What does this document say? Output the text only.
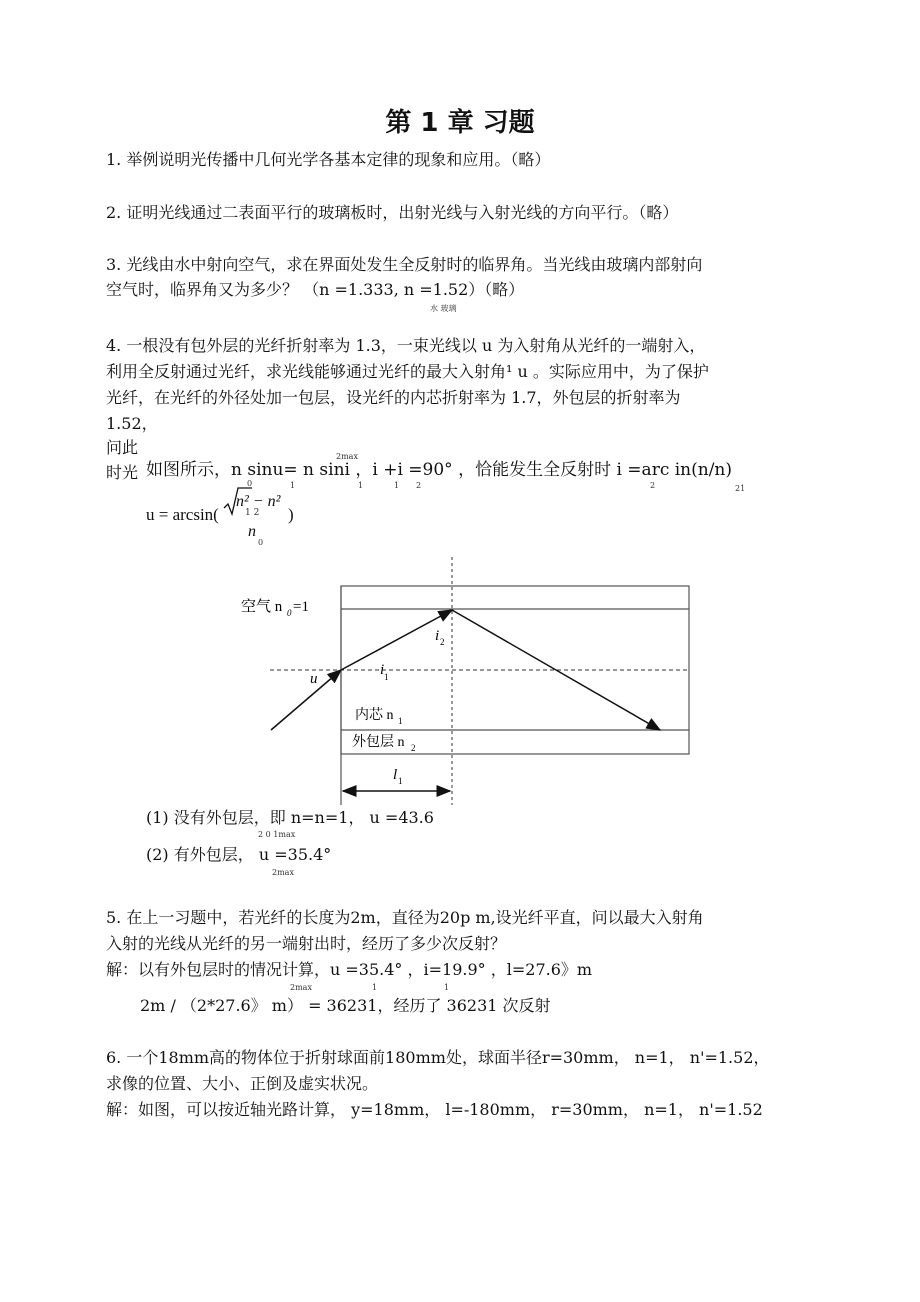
第 1 章 习题
1. 举例说明光传播中几何光学各基本定律的现象和应用。（略）
2. 证明光线通过二表面平行的玻璃板时，出射光线与入射光线的方向平行。（略）
3. 光线由水中射向空气，求在界面处发生全反射时的临界角。当光线由玻璃内部射向
空气时，临界角又为多少？ （n =1.333, n =1.52）（略）
水 玻璃
4. 一根没有包外层的光纤折射率为 1.3，一束光线以 u 为入射角从光纤的一端射入，
利用全反射通过光纤，求光线能够通过光纤的最大入射角¹ u 。实际应用中，为了保护
光纤，在光纤的外径处加一包层，设光纤的内芯折射率为 1.7，外包层的折射率为
1.52，
问此	2max
时光 如图所示，n sinu= n sini ，i +i =90° ，恰能发生全反射时 i =arc in(n/n)
0	1	1	1 2	2	21
u = arcsin(
n² − n²
1 2 )
n
0
空气 n 0 =1
i 2
i 1
u
内芯 n 1
外包层 n 2
l 1
(1) 没有外包层，即 n=n=1， u =43.6
2 0 1max
(2) 有外包层， u =35.4°
2max
5. 在上一习题中，若光纤的长度为2m，直径为20p m,设光纤平直，问以最大入射角
入射的光线从光纤的另一端射出时，经历了多少次反射？
解：以有外包层时的情况计算，u =35.4° ，i=19.9° ，l=27.6》m
2max	1	1
2m / （2*27.6》 m） = 36231，经历了 36231 次反射
6. 一个18mm高的物体位于折射球面前180mm处，球面半径r=30mm， n=1， n'=1.52，
求像的位置、大小、正倒及虚实状况。
解：如图，可以按近轴光路计算， y=18mm， l=-180mm， r=30mm， n=1， n'=1.52
